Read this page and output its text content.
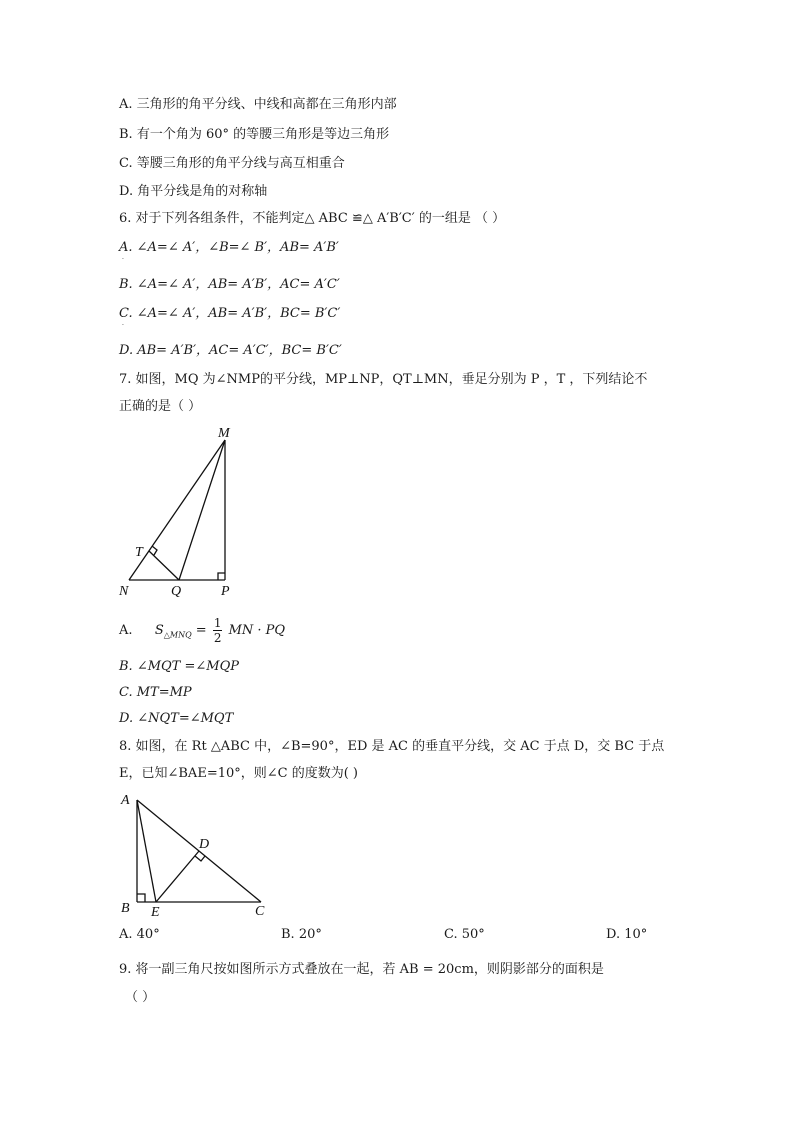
A. 三角形的角平分线、中线和高都在三角形内部
B. 有一个角为 60° 的等腰三角形是等边三角形
C. 等腰三角形的角平分线与高互相重合
D. 角平分线是角的对称轴
6. 对于下列各组条件，不能判定△ ABC ≌△ A′B′C′ 的一组是 （ ）
A. ∠A=∠ A′，∠B=∠ B′，AB= A′B′
.
B. ∠A=∠ A′，AB= A′B′，AC= A′C′
C. ∠A=∠ A′，AB= A′B′，BC= B′C′
.
D. AB= A′B′，AC= A′C′，BC= B′C′
7. 如图，MQ 为∠NMP的平分线，MP⊥NP，QT⊥MN，垂足分别为 P ，T ，下列结论不
正确的是（ ）
M
T
N	Q	P
A. $S_{\triangle MNQ} = \frac{1}{2}$ MN · PQ
B. ∠MQT =∠MQP
C. MT=MP
D. ∠NQT=∠MQT
8. 如图，在 Rt △ABC 中，∠B=90°，ED 是 AC 的垂直平分线，交 AC 于点 D，交 BC 于点
E，已知∠BAE=10°，则∠C 的度数为( )
A
B E
D
C
A. 40°	B. 20°	C. 50°	D. 10°
9. 将一副三角尺按如图所示方式叠放在一起，若 AB = 20cm，则阴影部分的面积是
（ ）
